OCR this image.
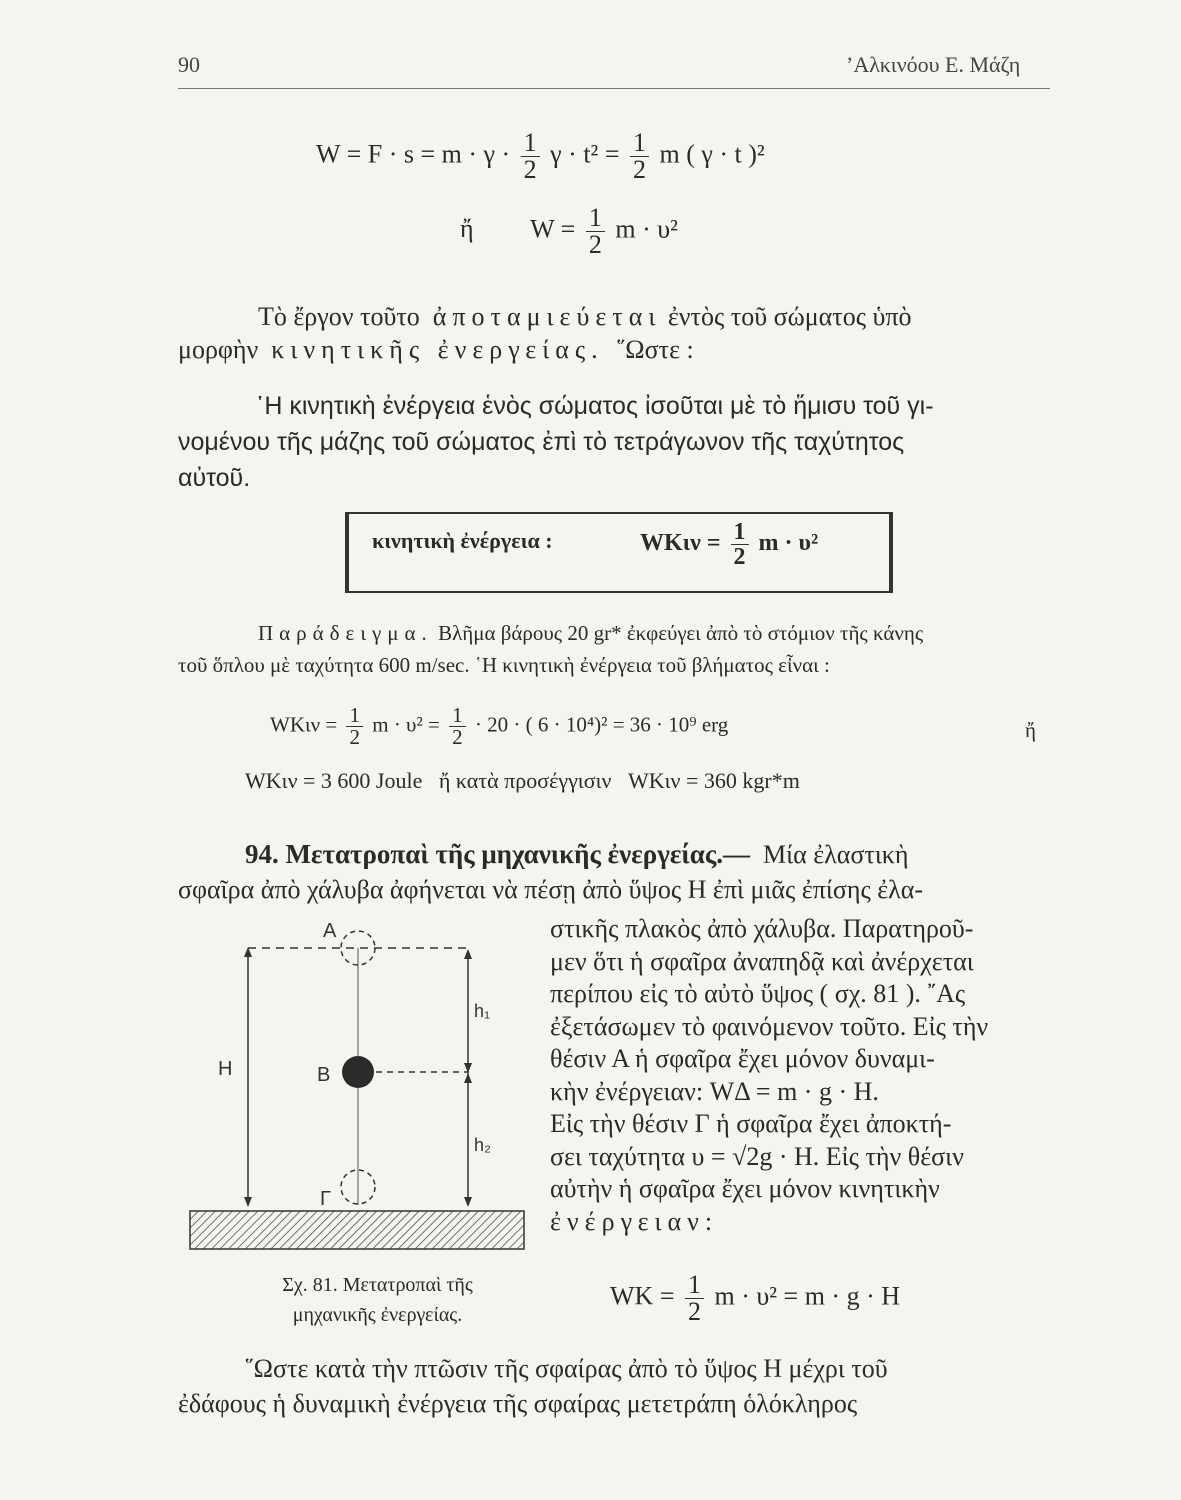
90	’Αλκινόου Ε. Μάζη
$W = F \cdot s = m \cdot \gamma \cdot \frac{1}{2}$ $\gamma \cdot t^2 = \frac{1}{2}$ m ( γ · t )²
ἤ $W = \frac{1}{2}$ m · υ²
Τὸ ἔργον τοῦτο ἀποταμιεύεται ἐντὸς τοῦ σώματος ὑπὸ
μορφὴν κινητικῆς ἐνεργείας. ῞Ωστε :
῾Η κινητικὴ ἐνέργεια ἑνὸς σώματος ἰσοῦται μὲ τὸ ἥμισυ τοῦ γι-
νομένου τῆς μάζης τοῦ σώματος ἐπὶ τὸ τετράγωνον τῆς ταχύτητος
αὐτοῦ.
κινητικὴ ἐνέργεια :	$WK\iota\nu = \frac{1}{2}$ m · υ²
Παράδειγμα. Βλῆμα βάρους 20 gr* ἐκφεύγει ἀπὸ τὸ στόμιον τῆς κάνης
τοῦ ὅπλου μὲ ταχύτητα 600 m/sec. ῾Η κινητικὴ ἐνέργεια τοῦ βλήματος εἶναι :
$WK\iota\nu = \frac{1}{2}$ $m \cdot \upsilon^2 = \frac{1}{2} \cdot 20$ · ( 6 · 10⁴)² = 36 · 10⁹ erg	ἤ
WΚιν = 3 600 Joule ἤ κατὰ προσέγγισιν WΚιν = 360 kgr*m
94. Μετατροπαὶ τῆς μηχανικῆς ἐνεργείας.— Μία ἐλαστικὴ
σφαῖρα ἀπὸ χάλυβα ἀφήνεται νὰ πέσῃ ἀπὸ ὕψος Η ἐπὶ μιᾶς ἐπίσης ἐλα-
στικῆς πλακὸς ἀπὸ χάλυβα. Παρατηροῦ-
μεν ὅτι ἡ σφαῖρα ἀναπηδᾷ καὶ ἀνέρχεται
περίπου εἰς τὸ αὐτὸ ὕψος ( σχ. 81 ). ῎Ας
ἐξετάσωμεν τὸ φαινόμενον τοῦτο. Εἰς τὴν
θέσιν Α ἡ σφαῖρα ἔχει μόνον δυναμι-
κὴν ἐνέργειαν: WΔ = m · g · H.
Εἰς τὴν θέσιν Γ ἡ σφαῖρα ἔχει ἀποκτή-
σει ταχύτητα υ = √2g · H. Εἰς τὴν θέσιν
αὐτὴν ἡ σφαῖρα ἔχει μόνον κινητικὴν
ἐνέργειαν:
$WK = \frac{1}{2}$ m · υ² = m · g · H
῞Ωστε κατὰ τὴν πτῶσιν τῆς σφαίρας ἀπὸ τὸ ὕψος Η μέχρι τοῦ
ἐδάφους ἡ δυναμικὴ ἐνέργεια τῆς σφαίρας μετετράπη ὁλόκληρος
A
B
Γ
H
h₁
h₂
Σχ. 81. Μετατροπαὶ τῆς
μηχανικῆς ἐνεργείας.
